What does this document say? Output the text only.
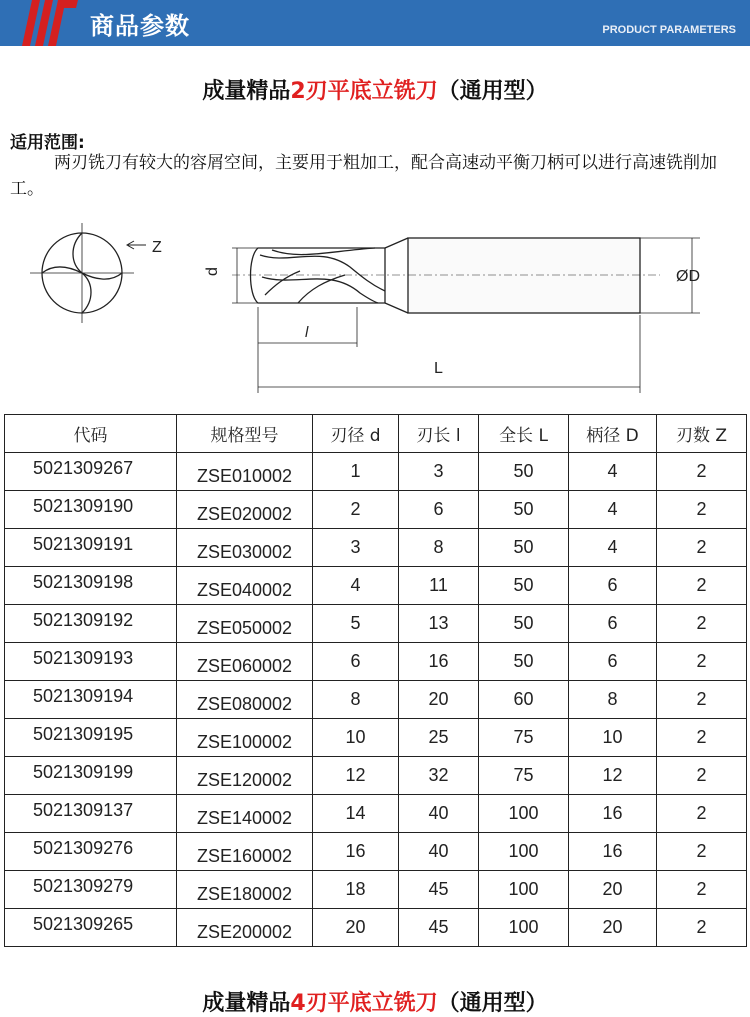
商品参数	PRODUCT PARAMETERS
成量精品2刃平底立铣刀（通用型）
适用范围:
两刃铣刀有较大的容屑空间，主要用于粗加工，配合高速动平衡刀柄可以进行高速铣削加工。
Z
d	ØD
l
L
代码	规格型号	刃径 d	刃长 l	全长 L	柄径 D	刃数 Z
5021309267	ZSE010002	1	3	50	4	2
5021309190	ZSE020002	2	6	50	4	2
5021309191	ZSE030002	3	8	50	4	2
5021309198	ZSE040002	4	11	50	6	2
5021309192	ZSE050002	5	13	50	6	2
5021309193	ZSE060002	6	16	50	6	2
5021309194	ZSE080002	8	20	60	8	2
5021309195	ZSE100002	10	25	75	10	2
5021309199	ZSE120002	12	32	75	12	2
5021309137	ZSE140002	14	40	100	16	2
5021309276	ZSE160002	16	40	100	16	2
5021309279	ZSE180002	18	45	100	20	2
5021309265	ZSE200002	20	45	100	20	2
成量精品4刃平底立铣刀（通用型）
